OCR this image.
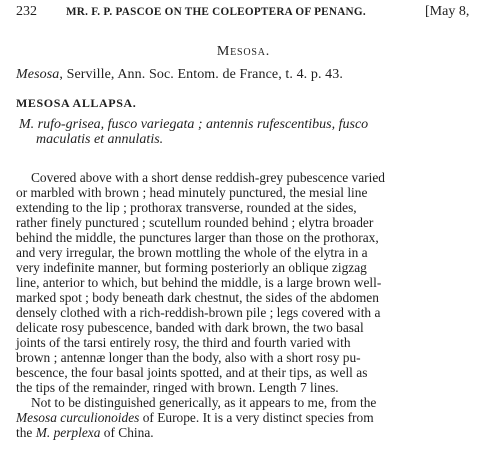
232	MR. F. P. PASCOE ON THE COLEOPTERA OF PENANG.	[May 8,
Mesosa.
Mesosa, Serville, Ann. Soc. Entom. de France, t. 4. p. 43.
MESOSA ALLAPSA.
M. rufo-grisea, fusco variegata ; antennis rufescentibus, fusco
maculatis et annulatis.
Covered above with a short dense reddish-grey pubescence varied
or marbled with brown ; head minutely punctured, the mesial line
extending to the lip ; prothorax transverse, rounded at the sides,
rather finely punctured ; scutellum rounded behind ; elytra broader
behind the middle, the punctures larger than those on the prothorax,
and very irregular, the brown mottling the whole of the elytra in a
very indefinite manner, but forming posteriorly an oblique zigzag
line, anterior to which, but behind the middle, is a large brown well-
marked spot ; body beneath dark chestnut, the sides of the abdomen
densely clothed with a rich-reddish-brown pile ; legs covered with a
delicate rosy pubescence, banded with dark brown, the two basal
joints of the tarsi entirely rosy, the third and fourth varied with
brown ; antennæ longer than the body, also with a short rosy pu-
bescence, the four basal joints spotted, and at their tips, as well as
the tips of the remainder, ringed with brown. Length 7 lines.
Not to be distinguished generically, as it appears to me, from the
Mesosa curculionoides of Europe. It is a very distinct species from
the M. perplexa of China.
